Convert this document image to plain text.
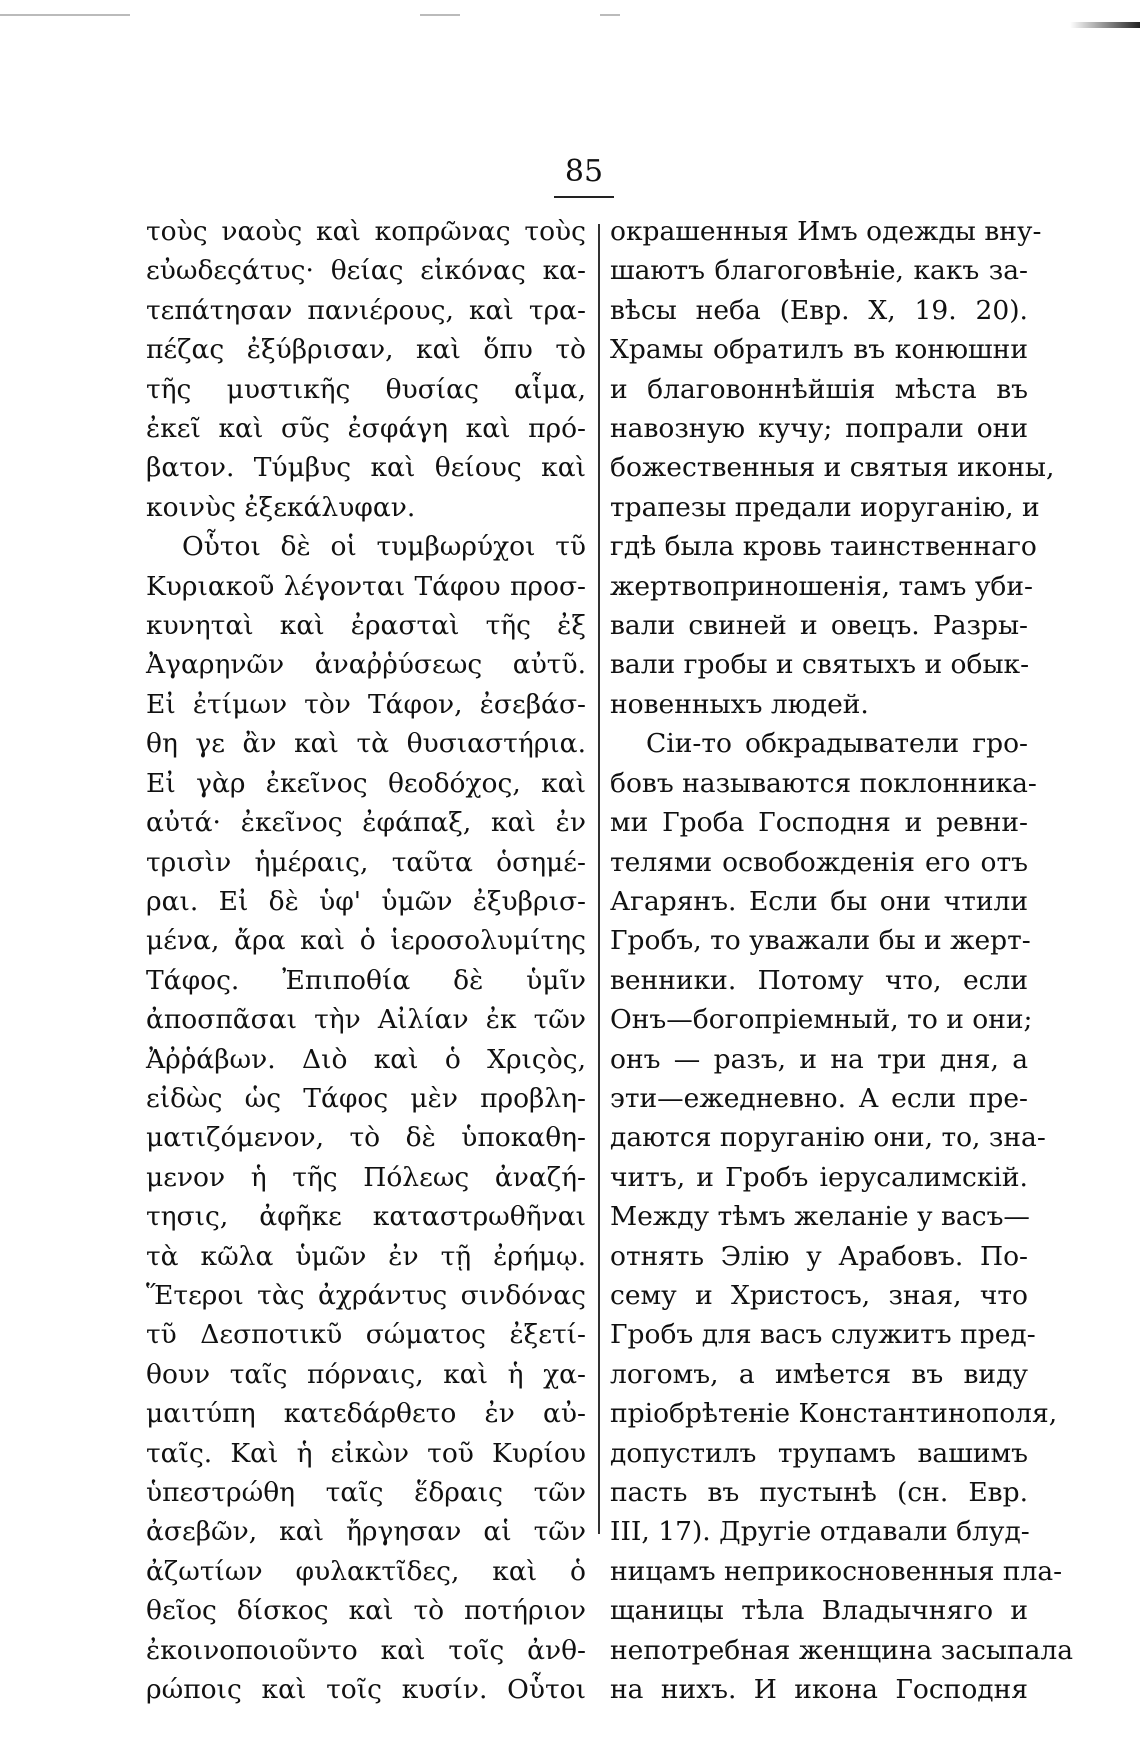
85
τοὺς ναοὺς καὶ κοπρῶνας τοὺς
εὐωδεςάτυς· θείας εἰκόνας κα-
τεπάτησαν πανιέρους, καὶ τρα-
πέζας ἐξύβρισαν, καὶ ὅπυ τὸ
τῆς μυστικῆς θυσίας αἷμα,
ἐκεῖ καὶ σῦς ἐσφάγη καὶ πρό-
βατον. Τύμβυς καὶ θείους καὶ
κοινὺς ἐξεκάλυφαν.
Οὗτοι δὲ οἱ τυμβωρύχοι τῦ
Κυριακοῦ λέγονται Τάφου προσ-
κυνηταὶ καὶ ἐρασταὶ τῆς ἐξ
Ἀγαρηνῶν ἀναῤῥύσεως αὐτῦ.
Εἰ ἐτίμων τὸν Τάφον, ἐσεβάσ-
θη γε ἂν καὶ τὰ θυσιαστήρια.
Εἰ γὰρ ἐκεῖνος θεοδόχος, καὶ
αὐτά· ἐκεῖνος ἐφάπαξ, καὶ ἐν
τρισὶν ἡμέραις, ταῦτα ὁσημέ-
ραι. Εἰ δὲ ὑφ' ὑμῶν ἐξυβρισ-
μένα, ἄρα καὶ ὁ ἱεροσολυμίτης
Τάφος. Ἐπιποθία δὲ ὑμῖν
ἀποσπᾶσαι τὴν Αἰλίαν ἐκ τῶν
Ἀῤῥάβων. Διὸ καὶ ὁ Χριςὸς,
εἰδὼς ὡς Τάφος μὲν προβλη-
ματιζόμενον, τὸ δὲ ὑποκαθη-
μενον ἡ τῆς Πόλεως ἀναζή-
τησις, ἀφῆκε καταστρωθῆναι
τὰ κῶλα ὑμῶν ἐν τῇ ἐρήμῳ.
Ἕτεροι τὰς ἀχράντυς σινδόνας
τῦ Δεσποτικῦ σώματος ἐξετί-
θουν ταῖς πόρναις, καὶ ἡ χα-
μαιτύπη κατεδάρθετο ἐν αὐ-
ταῖς. Καὶ ἡ εἰκὼν τοῦ Κυρίου
ὑπεστρώθη ταῖς ἕδραις τῶν
ἀσεβῶν, καὶ ἤργησαν αἱ τῶν
ἀζωτίων φυλακτῖδες, καὶ ὁ
θεῖος δίσκος καὶ τὸ ποτήριον
ἐκοινοποιοῦντο καὶ τοῖς ἀνθ-
ρώποις καὶ τοῖς κυσίν. Οὗτοι
окрашенныя Имъ одежды вну-
шаютъ благоговѣніе, какъ за-
вѣсы неба (Евр. X, 19. 20).
Храмы обратилъ въ конюшни
и благовоннѣйшія мѣста въ
навозную кучу; попрали они
божественныя и святыя иконы,
трапезы предали иоруганію, и
гдѣ была кровь таинственнаго
жертвоприношенія, тамъ уби-
вали свиней и овецъ. Разры-
вали гробы и святыхъ и обык-
новенныхъ людей.
Сіи-то обкрадыватели гро-
бовъ называются поклонника-
ми Гроба Господня и ревни-
телями освобожденія его отъ
Агарянъ. Если бы они чтили
Гробъ, то уважали бы и жерт-
венники. Потому что, если
Онъ—богопріемный, то и они;
онъ — разъ, и на три дня, а
эти—ежедневно. А если пре-
даются поруганію они, то, зна-
читъ, и Гробъ іерусалимскій.
Между тѣмъ желаніе у васъ—
отнять Элію у Арабовъ. По-
сему и Христосъ, зная, что
Гробъ для васъ служитъ пред-
логомъ, а имѣется въ виду
пріобрѣтеніе Константинополя,
допустилъ трупамъ вашимъ
пасть въ пустынѣ (сн. Евр.
III, 17). Другіе отдавали блуд-
ницамъ неприкосновенныя пла-
щаницы тѣла Владычняго и
непотребная женщина засыпала
на нихъ. И икона Господня
